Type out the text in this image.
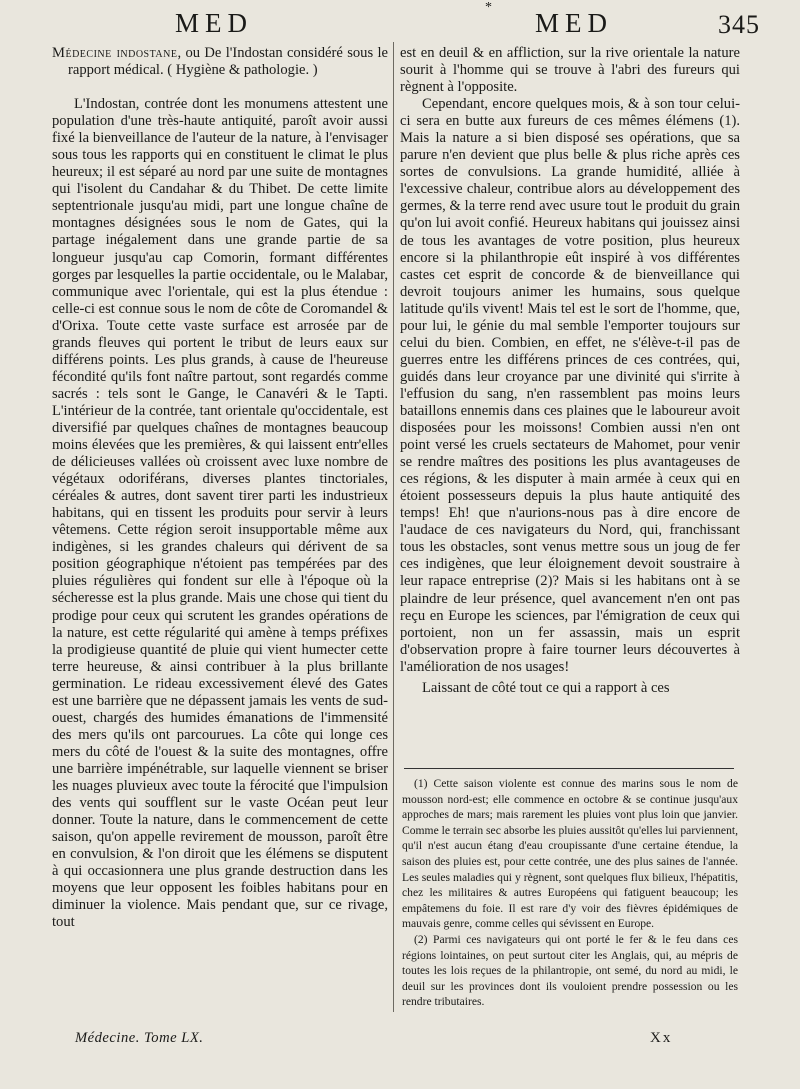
MED
*
MED	345

Médecine indostane, ou De l'Indostan considéré sous le rapport médical. ( Hygiène & pathologie. )

L'Indostan, contrée dont les monumens attestent une population d'une très-haute antiquité, paroît avoir aussi fixé la bienveillance de l'auteur de la nature, à l'envisager sous tous les rapports qui en constituent le climat le plus heureux; il est séparé au nord par une suite de montagnes qui l'isolent du Candahar & du Thibet. De cette limite septentrionale jusqu'au midi, part une longue chaîne de montagnes désignées sous le nom de Gates, qui la partage inégalement dans une grande partie de sa longueur jusqu'au cap Comorin, formant différentes gorges par lesquelles la partie occidentale, ou le Malabar, communique avec l'orientale, qui est la plus étendue : celle-ci est connue sous le nom de côte de Coromandel & d'Orixa. Toute cette vaste surface est arrosée par de grands fleuves qui portent le tribut de leurs eaux sur différens points. Les plus grands, à cause de l'heureuse fécondité qu'ils font naître partout, sont regardés comme sacrés : tels sont le Gange, le Canavéri & le Tapti. L'intérieur de la contrée, tant orientale qu'occidentale, est diversifié par quelques chaînes de montagnes beaucoup moins élevées que les premières, & qui laissent entr'elles de délicieuses vallées où croissent avec luxe nombre de végétaux odoriférans, diverses plantes tinctoriales, céréales & autres, dont savent tirer parti les industrieux habitans, qui en tissent les produits pour servir à leurs vêtemens. Cette région seroit insupportable même aux indigènes, si les grandes chaleurs qui dérivent de sa position géographique n'étoient pas tempérées par des pluies régulières qui fondent sur elle à l'époque où la sécheresse est la plus grande. Mais une chose qui tient du prodige pour ceux qui scrutent les grandes opérations de la nature, est cette régularité qui amène à temps préfixes la prodigieuse quantité de pluie qui vient humecter cette terre heureuse, & ainsi contribuer à la plus brillante germination. Le rideau excessivement élevé des Gates est une barrière que ne dépassent jamais les vents de sud-ouest, chargés des humides émanations de l'immensité des mers qu'ils ont parcourues. La côte qui longe ces mers du côté de l'ouest & la suite des montagnes, offre une barrière impénétrable, sur laquelle viennent se briser les nuages pluvieux avec toute la férocité que l'impulsion des vents qui soufflent sur le vaste Océan peut leur donner. Toute la nature, dans le commencement de cette saison, qu'on appelle revirement de mousson, paroît être en convulsion, & l'on diroit que les élémens se disputent à qui occasionnera une plus grande destruction dans les moyens que leur opposent les foibles habitans pour en diminuer la violence. Mais pendant que, sur ce rivage, tout

est en deuil & en affliction, sur la rive orientale la nature sourit à l'homme qui se trouve à l'abri des fureurs qui règnent à l'opposite.

Cependant, encore quelques mois, & à son tour celui-ci sera en butte aux fureurs de ces mêmes élémens (1). Mais la nature a si bien disposé ses opérations, que sa parure n'en devient que plus belle & plus riche après ces sortes de convulsions. La grande humidité, alliée à l'excessive chaleur, contribue alors au développement des germes, & la terre rend avec usure tout le produit du grain qu'on lui avoit confié. Heureux habitans qui jouissez ainsi de tous les avantages de votre position, plus heureux encore si la philanthropie eût inspiré à vos différentes castes cet esprit de concorde & de bienveillance qui devroit toujours animer les humains, sous quelque latitude qu'ils vivent! Mais tel est le sort de l'homme, que, pour lui, le génie du mal semble l'emporter toujours sur celui du bien. Combien, en effet, ne s'élève-t-il pas de guerres entre les différens princes de ces contrées, qui, guidés dans leur croyance par une divinité qui s'irrite à l'effusion du sang, n'en rassemblent pas moins leurs bataillons ennemis dans ces plaines que le laboureur avoit disposées pour les moissons! Combien aussi n'en ont point versé les cruels sectateurs de Mahomet, pour venir se rendre maîtres des positions les plus avantageuses de ces régions, & les disputer à main armée à ceux qui en étoient possesseurs depuis la plus haute antiquité des temps! Eh! que n'aurions-nous pas à dire encore de l'audace de ces navigateurs du Nord, qui, franchissant tous les obstacles, sont venus mettre sous un joug de fer ces indigènes, que leur éloignement devoit soustraire à leur rapace entreprise (2)? Mais si les habitans ont à se plaindre de leur présence, quel avancement n'en ont pas reçu en Europe les sciences, par l'émigration de ceux qui portoient, non un fer assassin, mais un esprit d'observation propre à faire tourner leurs découvertes à l'amélioration de nos usages!

Laissant de côté tout ce qui a rapport à ces

(1) Cette saison violente est connue des marins sous le nom de mousson nord-est; elle commence en octobre & se continue jusqu'aux approches de mars; mais rarement les pluies vont plus loin que janvier. Comme le terrain sec absorbe les pluies aussitôt qu'elles lui parviennent, qu'il n'est aucun étang d'eau croupissante d'une certaine étendue, la saison des pluies est, pour cette contrée, une des plus saines de l'année. Les seules maladies qui y règnent, sont quelques flux bilieux, l'hépatitis, chez les militaires & autres Européens qui fatiguent beaucoup; les empâtemens du foie. Il est rare d'y voir des fièvres épidémiques de mauvais genre, comme celles qui sévissent en Europe.

(2) Parmi ces navigateurs qui ont porté le fer & le feu dans ces régions lointaines, on peut surtout citer les Anglais, qui, au mépris de toutes les lois reçues de la philantropie, ont semé, du nord au midi, le deuil sur les provinces dont ils vouloient prendre possession ou les rendre tributaires.

Médecine. Tome LX.	Xx
